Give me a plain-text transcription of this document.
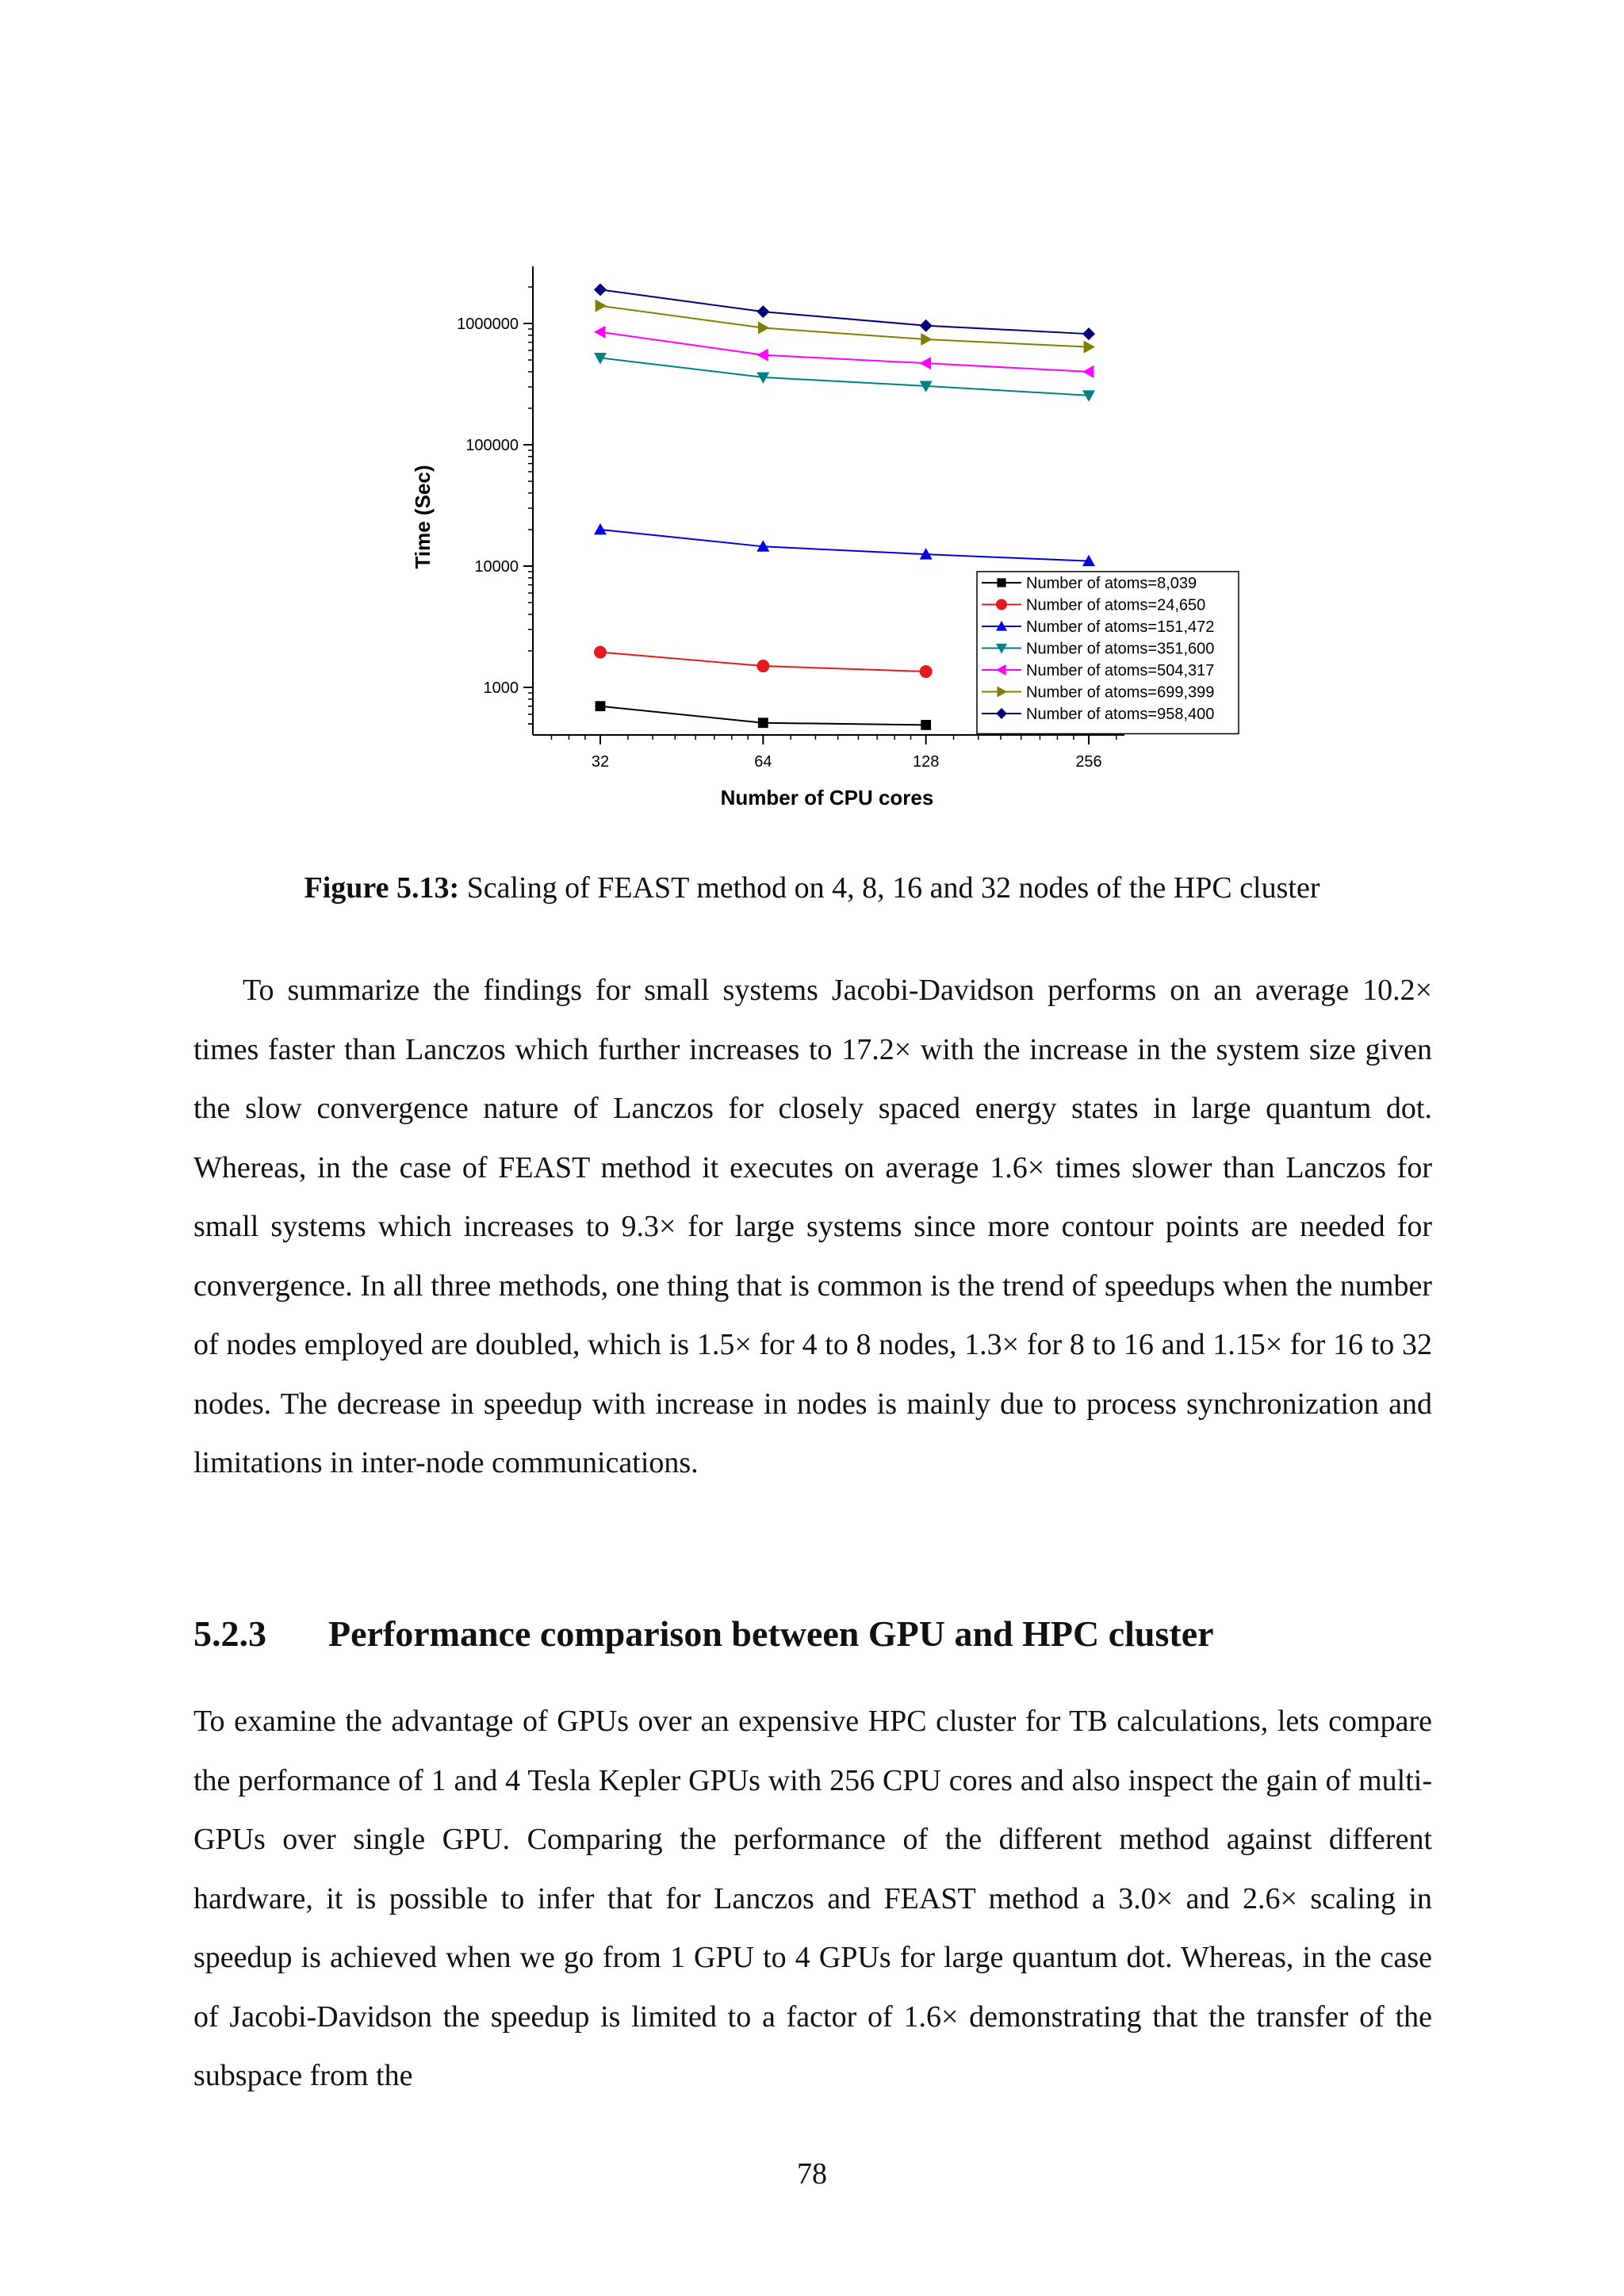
1000
10000
100000
1000000
32	64	128	256
Number of CPU cores
Time (Sec)
Number of atoms=8,039
Number of atoms=24,650
Number of atoms=151,472
Number of atoms=351,600
Number of atoms=504,317
Number of atoms=699,399
Number of atoms=958,400
Figure 5.13: Scaling of FEAST method on 4, 8, 16 and 32 nodes of the HPC cluster

To summarize the findings for small systems Jacobi-Davidson performs on an average 10.2× times faster than Lanczos which further increases to 17.2× with the increase in the system size given the slow convergence nature of Lanczos for closely spaced energy states in large quantum dot. Whereas, in the case of FEAST method it executes on average 1.6× times slower than Lanczos for small systems which increases to 9.3× for large systems since more contour points are needed for convergence. In all three methods, one thing that is common is the trend of speedups when the number of nodes employed are doubled, which is 1.5× for 4 to 8 nodes, 1.3× for 8 to 16 and 1.15× for 16 to 32 nodes. The decrease in speedup with increase in nodes is mainly due to process synchronization and limitations in inter-node communications.

5.2.3 Performance comparison between GPU and HPC cluster

To examine the advantage of GPUs over an expensive HPC cluster for TB calculations, lets compare the performance of 1 and 4 Tesla Kepler GPUs with 256 CPU cores and also inspect the gain of multi-GPUs over single GPU. Comparing the performance of the different method against different hardware, it is possible to infer that for Lanczos and FEAST method a 3.0× and 2.6× scaling in speedup is achieved when we go from 1 GPU to 4 GPUs for large quantum dot. Whereas, in the case of Jacobi-Davidson the speedup is limited to a factor of 1.6× demonstrating that the transfer of the subspace from the

78
